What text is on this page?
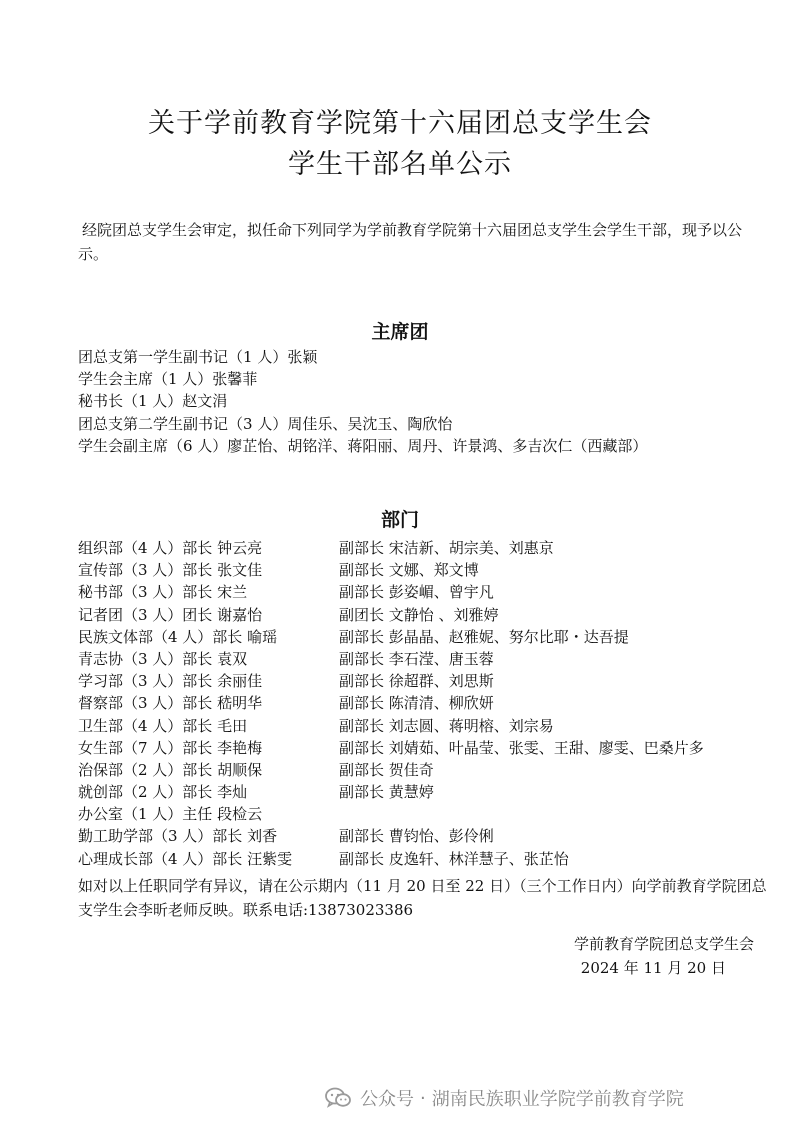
关于学前教育学院第十六届团总支学生会
学生干部名单公示
经院团总支学生会审定，拟任命下列同学为学前教育学院第十六届团总支学生会学生干部，现予以公示。
主席团
团总支第一学生副书记（1 人）张颖
学生会主席（1 人）张馨菲
秘书长（1 人）赵文涓
团总支第二学生副书记（3 人）周佳乐、吴沈玉、陶欣怡
学生会副主席（6 人）廖芷怡、胡铭洋、蒋阳丽、周丹、许景鸿、多吉次仁（西藏部）
部门
组织部（4 人）部长 钟云亮	副部长 宋洁新、胡宗美、刘惠京
宣传部（3 人）部长 张文佳	副部长 文娜、郑文博
秘书部（3 人）部长 宋兰	副部长 彭姿嵋、曾宇凡
记者团（3 人）团长 谢嘉怡	副团长 文静怡 、刘雅婷
民族文体部（4 人）部长 喻瑶	副部长 彭晶晶、赵雅妮、努尔比耶・达吾提
青志协（3 人）部长 袁双	副部长 李石滢、唐玉蓉
学习部（3 人）部长 余丽佳	副部长 徐超群、刘思斯
督察部（3 人）部长 嵇明华	副部长 陈清清、柳欣妍
卫生部（4 人）部长 毛田	副部长 刘志圆、蒋明榕、刘宗易
女生部（7 人）部长 李艳梅	副部长 刘婧茹、叶晶莹、张雯、王甜、廖雯、巴桑片多
治保部（2 人）部长 胡顺保	副部长 贺佳奇
就创部（2 人）部长 李灿	副部长 黄慧婷
办公室（1 人）主任 段检云
勤工助学部（3 人）部长 刘香	副部长 曹钧怡、彭伶俐
心理成长部（4 人）部长 汪紫雯	副部长 皮逸轩、林洋慧子、张芷怡
如对以上任职同学有异议，请在公示期内（11 月 20 日至 22 日）（三个工作日内）向学前教育学院团总支学生会李昕老师反映。联系电话:13873023386
学前教育学院团总支学生会
2024 年 11 月 20 日
公众号 · 湖南民族职业学院学前教育学院
